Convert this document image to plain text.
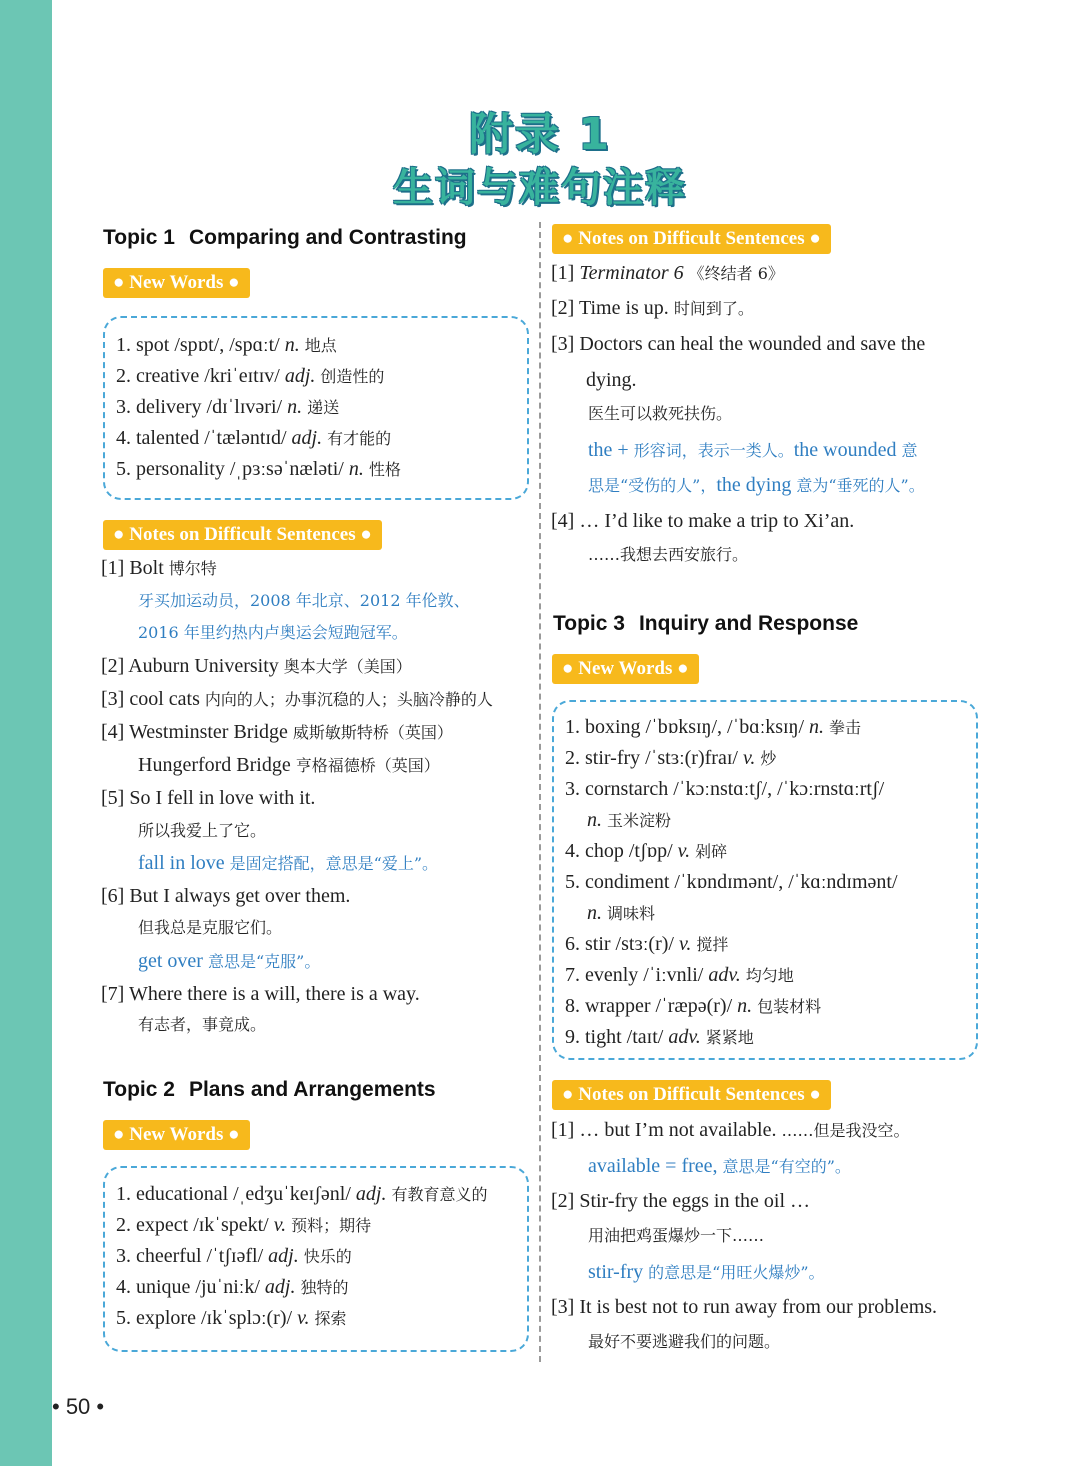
• 50 •
附录 1
生词与难句注释
Topic 1 Comparing and Contrasting
● New Words ●
1. spot /spɒt/, /spɑːt/ n. 地点
2. creative /kriˈeɪtɪv/ adj. 创造性的
3. delivery /dɪˈlɪvəri/ n. 递送
4. talented /ˈtæləntɪd/ adj. 有才能的
5. personality /ˌpɜːsəˈnæləti/ n. 性格
● Notes on Difficult Sentences ●
[1] Bolt 博尔特
牙买加运动员，2008 年北京、2012 年伦敦、
2016 年里约热内卢奥运会短跑冠军。
[2] Auburn University 奥本大学（美国）
[3] cool cats 内向的人；办事沉稳的人；头脑冷静的人
[4] Westminster Bridge 威斯敏斯特桥（英国）
Hungerford Bridge 亨格福德桥（英国）
[5] So I fell in love with it.
所以我爱上了它。
fall in love 是固定搭配，意思是“爱上”。
[6] But I always get over them.
但我总是克服它们。
get over 意思是“克服”。
[7] Where there is a will, there is a way.
有志者，事竟成。
Topic 2 Plans and Arrangements
● New Words ●
1. educational /ˌedʒuˈkeɪʃənl/ adj. 有教育意义的
2. expect /ɪkˈspekt/ v. 预料；期待
3. cheerful /ˈtʃɪəfl/ adj. 快乐的
4. unique /juˈniːk/ adj. 独特的
5. explore /ɪkˈsplɔː(r)/ v. 探索
● Notes on Difficult Sentences ●
[1] Terminator 6 《终结者 6》
[2] Time is up. 时间到了。
[3] Doctors can heal the wounded and save the
dying.
医生可以救死扶伤。
the + 形容词，表示一类人。the wounded 意
思是“受伤的人”，the dying 意为“垂死的人”。
[4] … I’d like to make a trip to Xi’an.
……我想去西安旅行。
Topic 3 Inquiry and Response
● New Words ●
1. boxing /ˈbɒksɪŋ/, /ˈbɑːksɪŋ/ n. 拳击
2. stir-fry /ˈstɜː(r)fraɪ/ v. 炒
3. cornstarch /ˈkɔːnstɑːtʃ/, /ˈkɔːrnstɑːrtʃ/
n. 玉米淀粉
4. chop /tʃɒp/ v. 剁碎
5. condiment /ˈkɒndɪmənt/, /ˈkɑːndɪmənt/
n. 调味料
6. stir /stɜː(r)/ v. 搅拌
7. evenly /ˈiːvnli/ adv. 均匀地
8. wrapper /ˈræpə(r)/ n. 包装材料
9. tight /taɪt/ adv. 紧紧地
● Notes on Difficult Sentences ●
[1] … but I’m not available. ……但是我没空。
available = free, 意思是“有空的”。
[2] Stir-fry the eggs in the oil …
用油把鸡蛋爆炒一下……
stir-fry 的意思是“用旺火爆炒”。
[3] It is best not to run away from our problems.
最好不要逃避我们的问题。
